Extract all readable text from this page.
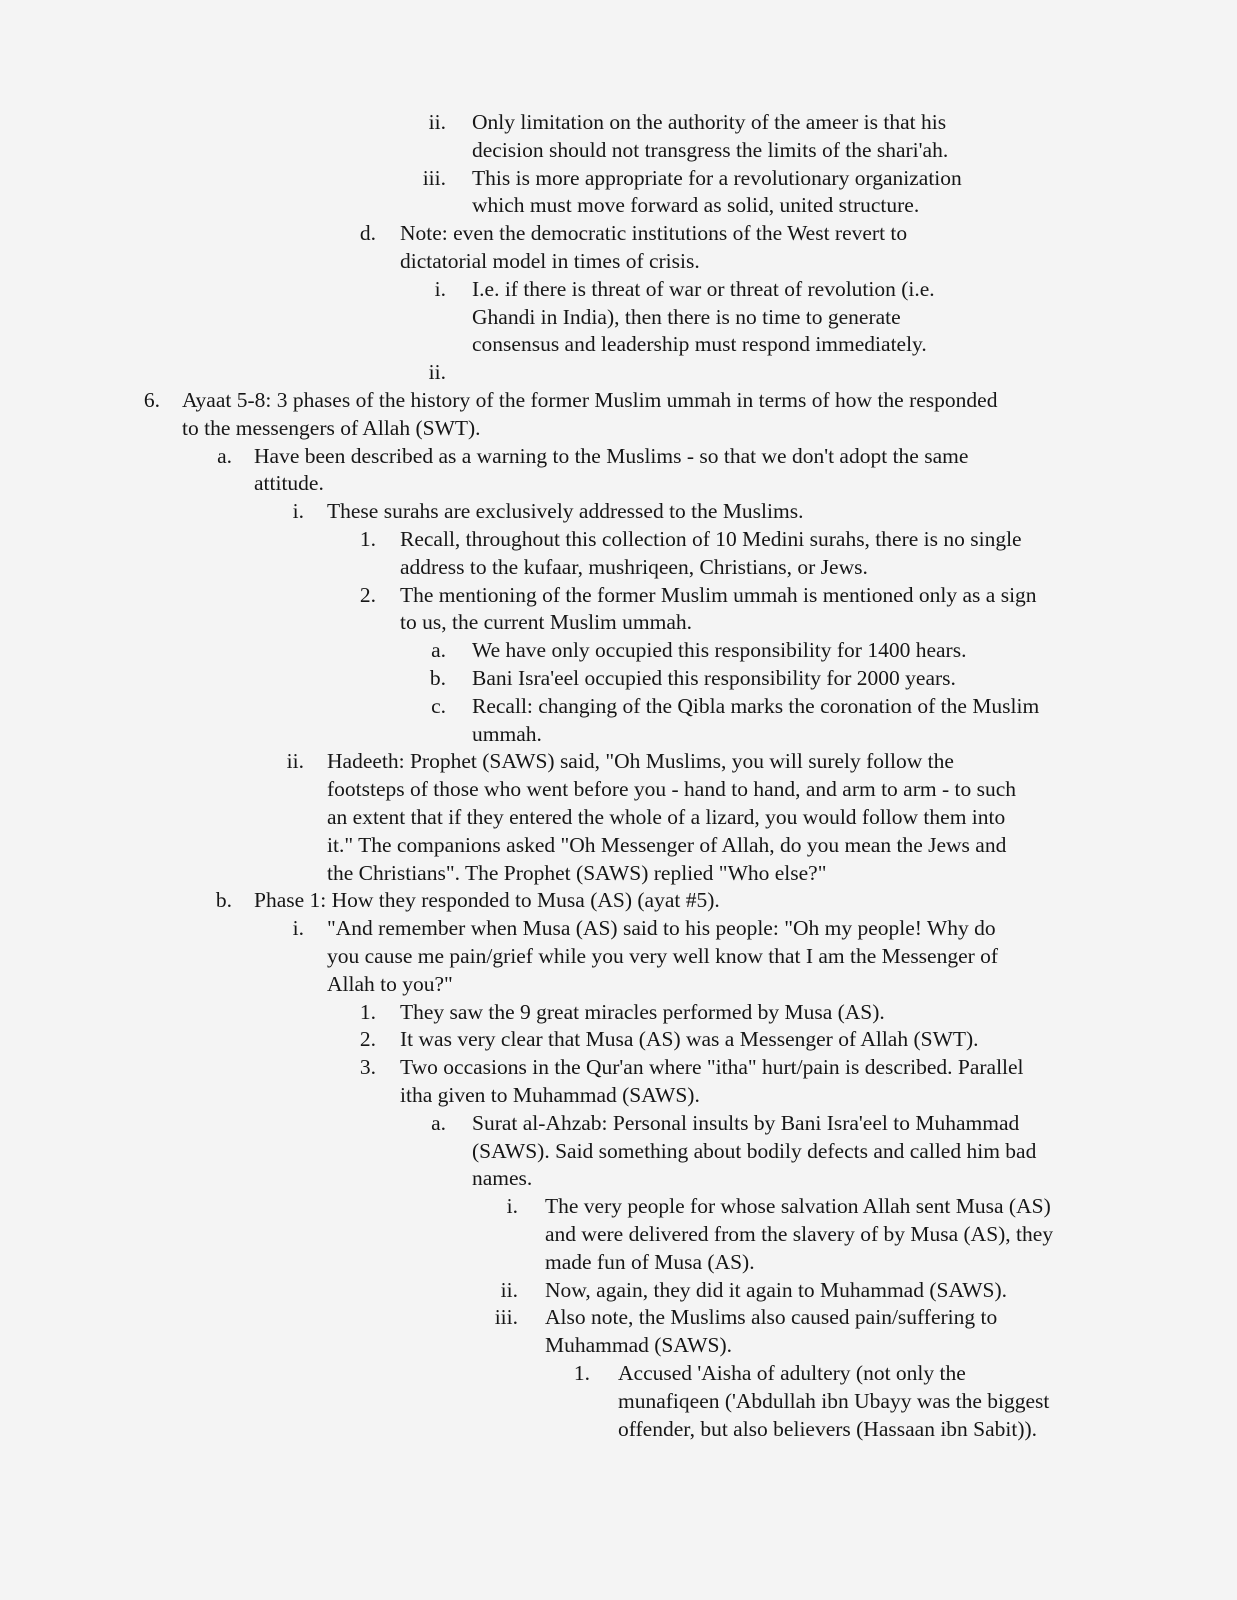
ii. Only limitation on the authority of the ameer is that his
decision should not transgress the limits of the shari'ah.
iii. This is more appropriate for a revolutionary organization
which must move forward as solid, united structure.
d. Note: even the democratic institutions of the West revert to
dictatorial model in times of crisis.
i. I.e. if there is threat of war or threat of revolution (i.e.
Ghandi in India), then there is no time to generate
consensus and leadership must respond immediately.
ii.
6. Ayaat 5-8: 3 phases of the history of the former Muslim ummah in terms of how the responded
to the messengers of Allah (SWT).
a. Have been described as a warning to the Muslims - so that we don't adopt the same
attitude.
i. These surahs are exclusively addressed to the Muslims.
1. Recall, throughout this collection of 10 Medini surahs, there is no single
address to the kufaar, mushriqeen, Christians, or Jews.
2. The mentioning of the former Muslim ummah is mentioned only as a sign
to us, the current Muslim ummah.
a. We have only occupied this responsibility for 1400 hears.
b. Bani Isra'eel occupied this responsibility for 2000 years.
c. Recall: changing of the Qibla marks the coronation of the Muslim
ummah.
ii. Hadeeth: Prophet (SAWS) said, "Oh Muslims, you will surely follow the
footsteps of those who went before you - hand to hand, and arm to arm - to such
an extent that if they entered the whole of a lizard, you would follow them into
it." The companions asked "Oh Messenger of Allah, do you mean the Jews and
the Christians". The Prophet (SAWS) replied "Who else?"
b. Phase 1: How they responded to Musa (AS) (ayat #5).
i. "And remember when Musa (AS) said to his people: "Oh my people! Why do
you cause me pain/grief while you very well know that I am the Messenger of
Allah to you?"
1. They saw the 9 great miracles performed by Musa (AS).
2. It was very clear that Musa (AS) was a Messenger of Allah (SWT).
3. Two occasions in the Qur'an where "itha" hurt/pain is described. Parallel
itha given to Muhammad (SAWS).
a. Surat al-Ahzab: Personal insults by Bani Isra'eel to Muhammad
(SAWS). Said something about bodily defects and called him bad
names.
i. The very people for whose salvation Allah sent Musa (AS)
and were delivered from the slavery of by Musa (AS), they
made fun of Musa (AS).
ii. Now, again, they did it again to Muhammad (SAWS).
iii. Also note, the Muslims also caused pain/suffering to
Muhammad (SAWS).
1. Accused 'Aisha of adultery (not only the
munafiqeen ('Abdullah ibn Ubayy was the biggest
offender, but also believers (Hassaan ibn Sabit)).
